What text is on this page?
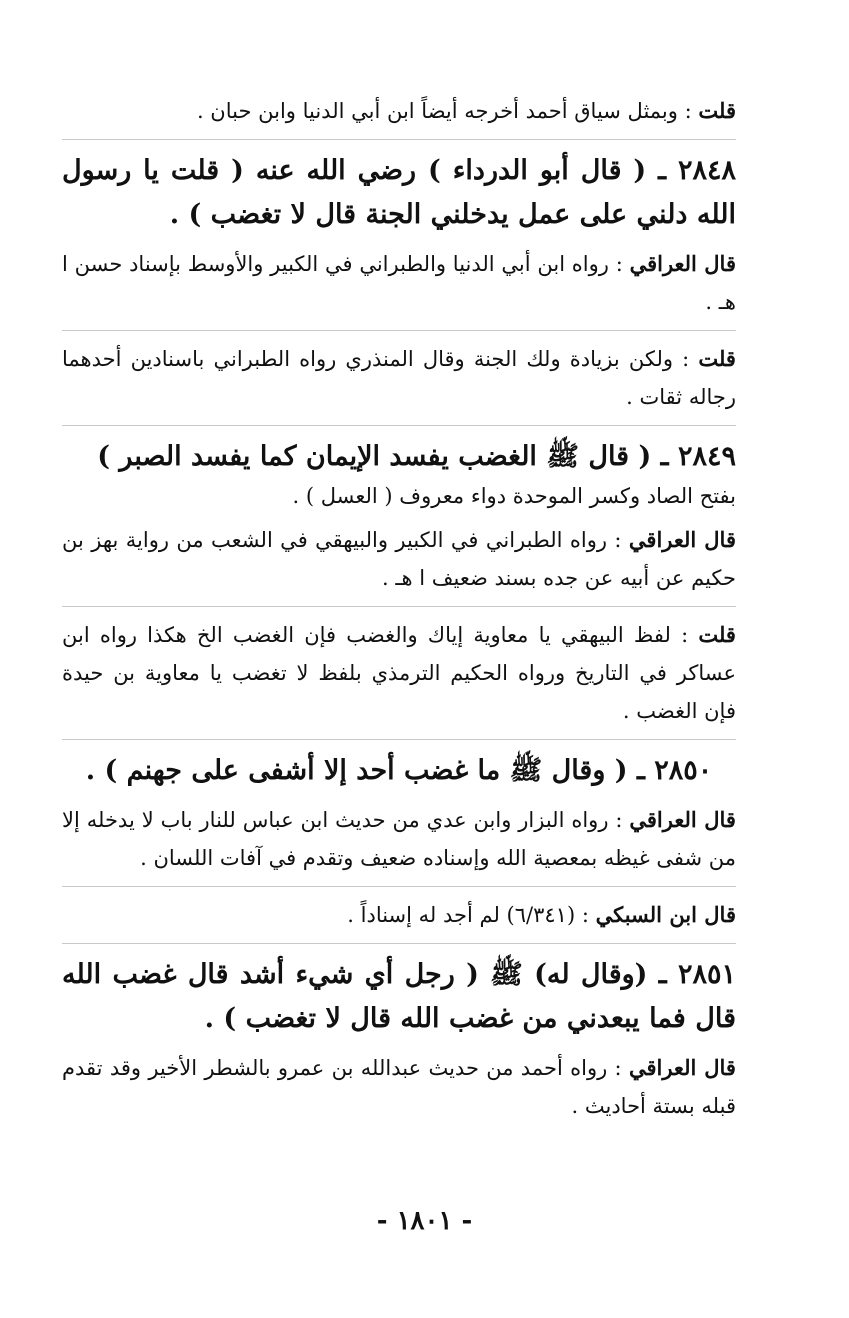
قلت : وبمثل سياق أحمد أخرجه أيضاً ابن أبي الدنيا وابن حبان .

٢٨٤٨ ـ ( قال أبو الدرداء ) رضي الله عنه ( قلت يا رسول الله دلني على عمل يدخلني الجنة قال لا تغضب ) .

قال العراقي : رواه ابن أبي الدنيا والطبراني في الكبير والأوسط بإسناد حسن ا هـ .

قلت : ولكن بزيادة ولك الجنة وقال المنذري رواه الطبراني باسنادين أحدهما رجاله ثقات .

٢٨٤٩ ـ ( قال ﷺ الغضب يفسد الإيمان كما يفسد الصبر )
بفتح الصاد وكسر الموحدة دواء معروف ( العسل ) .

قال العراقي : رواه الطبراني في الكبير والبيهقي في الشعب من رواية بهز بن حكيم عن أبيه عن جده بسند ضعيف ا هـ .

قلت : لفظ البيهقي يا معاوية إياك والغضب فإن الغضب الخ هكذا رواه ابن عساكر في التاريخ ورواه الحكيم الترمذي بلفظ لا تغضب يا معاوية بن حيدة فإن الغضب .

٢٨٥٠ ـ ( وقال ﷺ ما غضب أحد إلا أشفى على جهنم ) .

قال العراقي : رواه البزار وابن عدي من حديث ابن عباس للنار باب لا يدخله إلا من شفى غيظه بمعصية الله وإسناده ضعيف وتقدم في آفات اللسان .

قال ابن السبكي : (٦/٣٤١) لم أجد له إسناداً .

٢٨٥١ ـ (وقال له) ﷺ ( رجل أي شيء أشد قال غضب الله قال فما يبعدني من غضب الله قال لا تغضب ) .

قال العراقي : رواه أحمد من حديث عبدالله بن عمرو بالشطر الأخير وقد تقدم قبله بستة أحاديث .

- ١٨٠١ -
